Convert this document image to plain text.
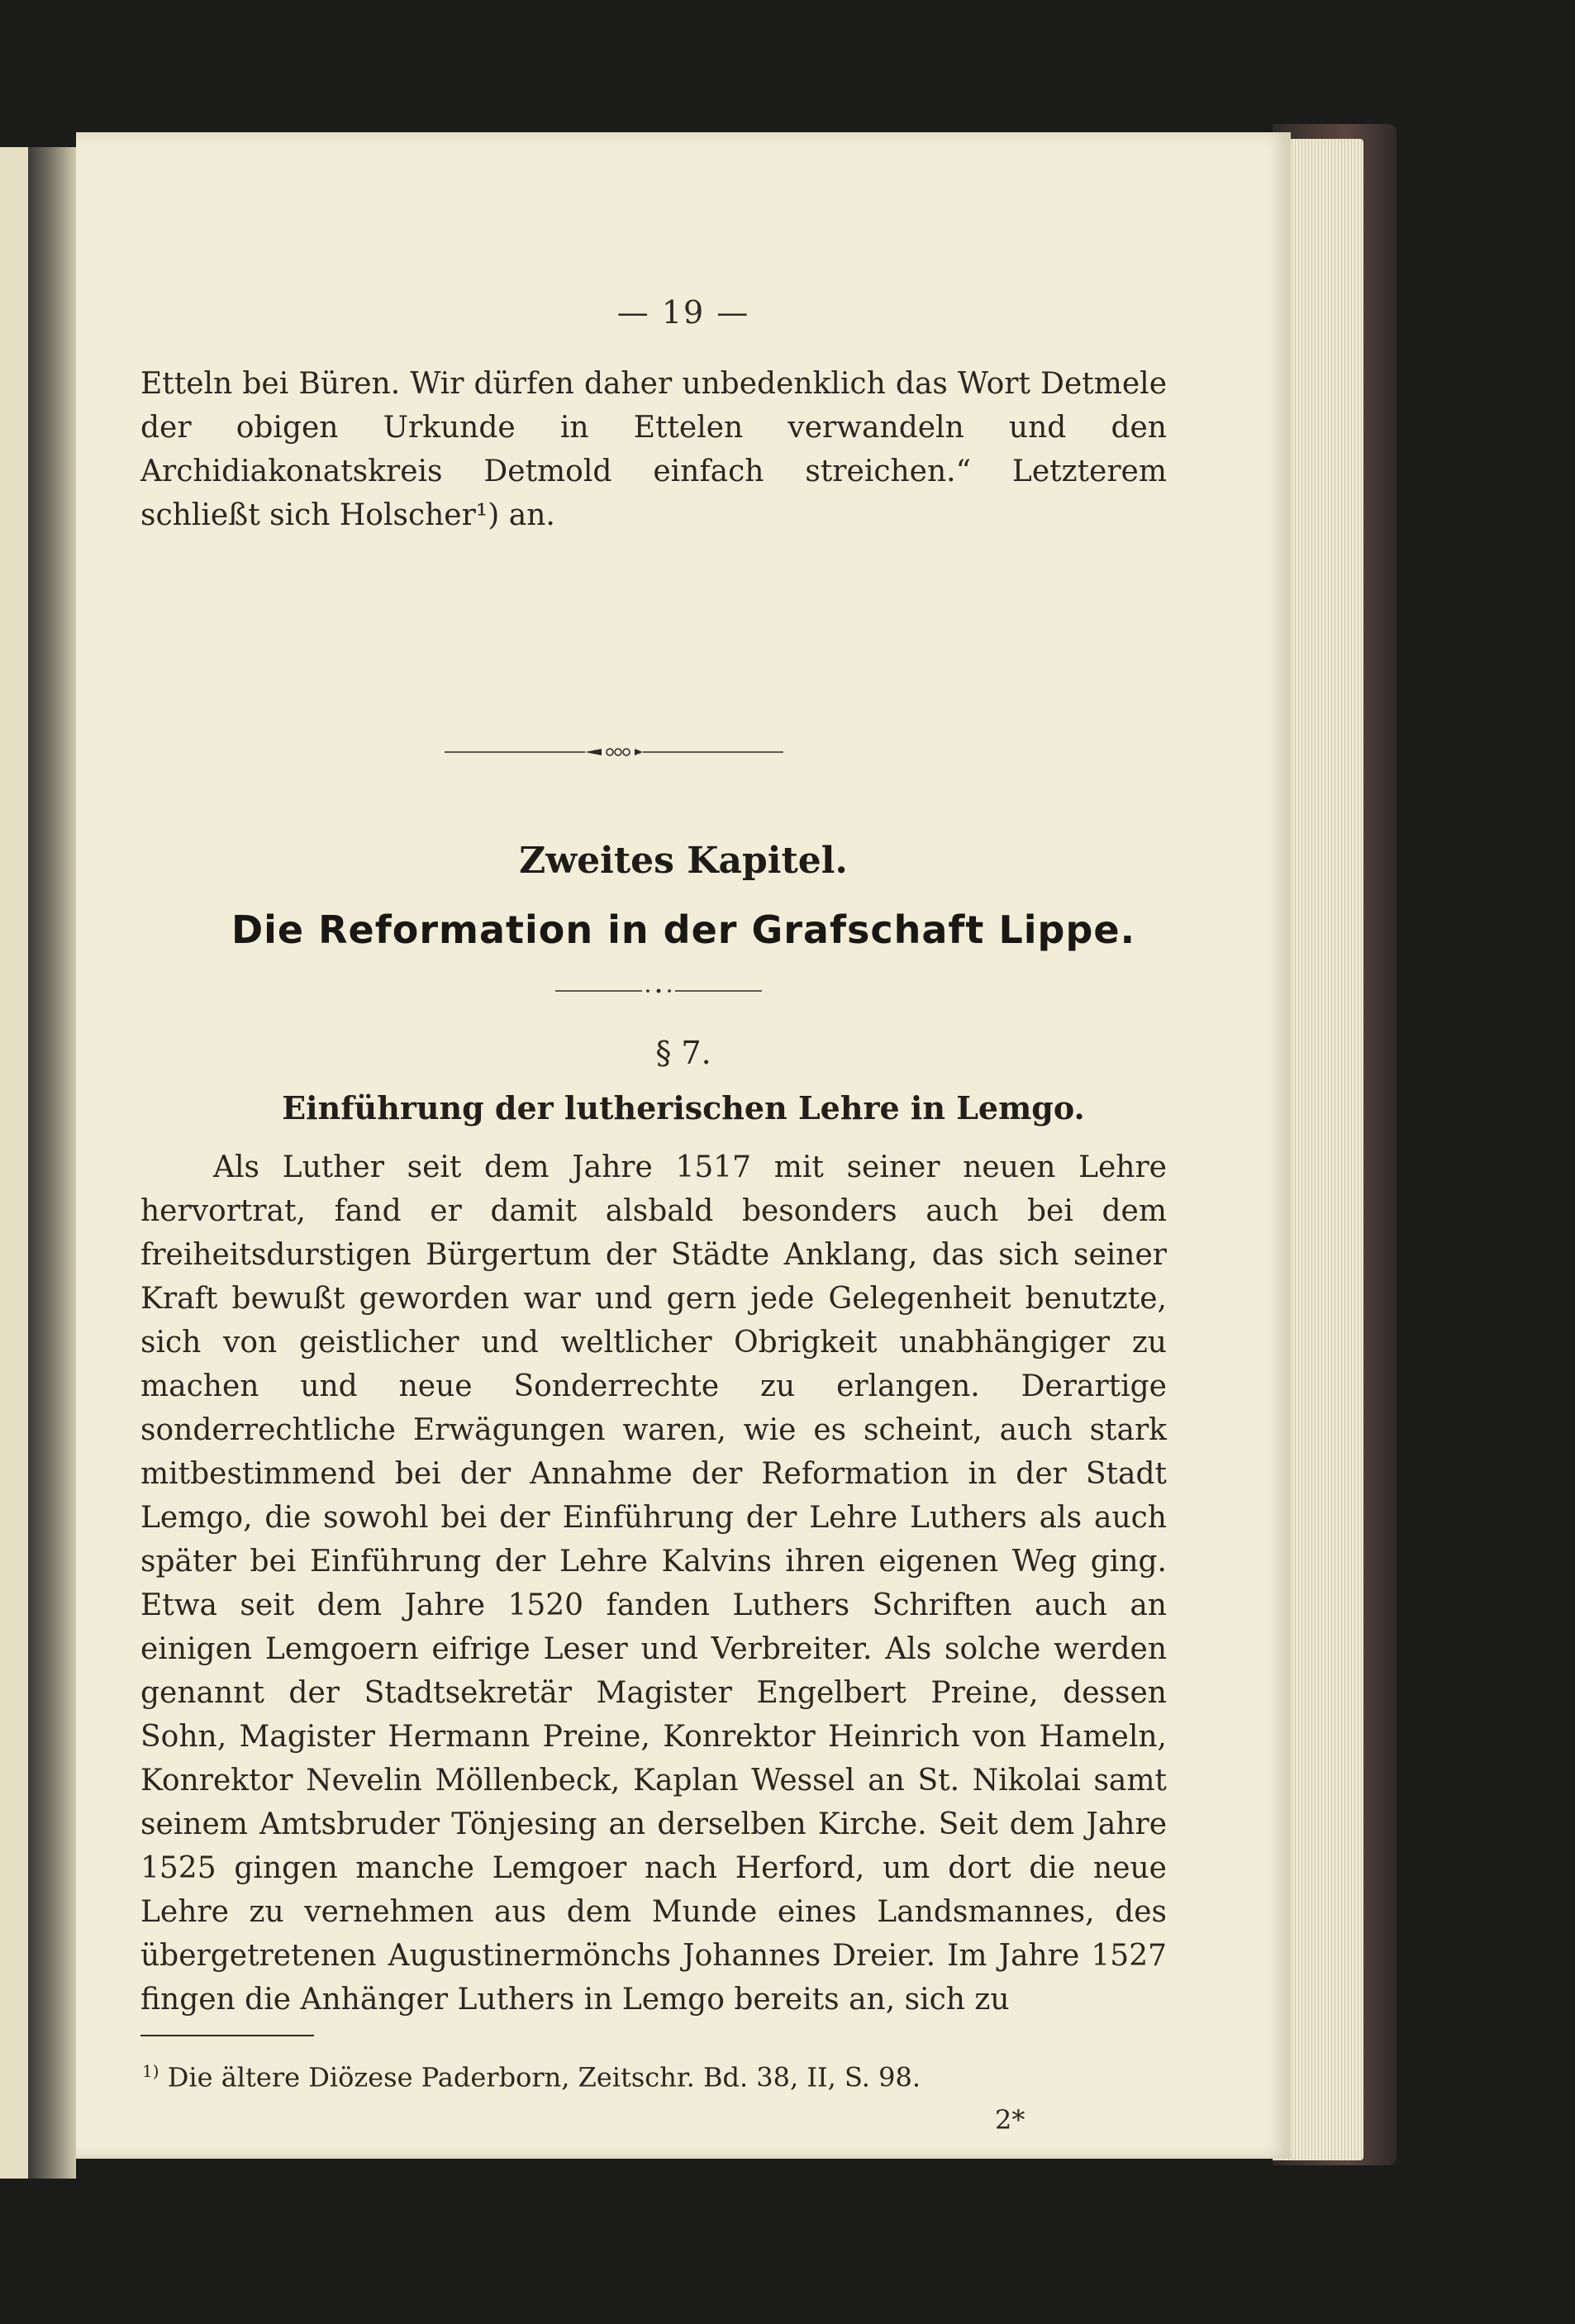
— 19 —

Etteln bei Büren. Wir dürfen daher unbedenklich das Wort Detmele der obigen Urkunde in Ettelen verwandeln und den Archidiakonatskreis Detmold einfach streichen.“ Letzterem schließt sich Holscher¹) an.

Zweites Kapitel.
Die Reformation in der Grafschaft Lippe.
§ 7.
Einführung der lutherischen Lehre in Lemgo.

Als Luther seit dem Jahre 1517 mit seiner neuen Lehre hervortrat, fand er damit alsbald besonders auch bei dem freiheitsdurstigen Bürgertum der Städte Anklang, das sich seiner Kraft bewußt geworden war und gern jede Gelegenheit benutzte, sich von geistlicher und weltlicher Obrigkeit unabhängiger zu machen und neue Sonderrechte zu erlangen. Derartige sonderrechtliche Erwägungen waren, wie es scheint, auch stark mitbestimmend bei der Annahme der Reformation in der Stadt Lemgo, die sowohl bei der Einführung der Lehre Luthers als auch später bei Einführung der Lehre Kalvins ihren eigenen Weg ging. Etwa seit dem Jahre 1520 fanden Luthers Schriften auch an einigen Lemgoern eifrige Leser und Verbreiter. Als solche werden genannt der Stadtsekretär Magister Engelbert Preine, dessen Sohn, Magister Hermann Preine, Konrektor Heinrich von Hameln, Konrektor Nevelin Möllenbeck, Kaplan Wessel an St. Nikolai samt seinem Amtsbruder Tönjesing an derselben Kirche. Seit dem Jahre 1525 gingen manche Lemgoer nach Herford, um dort die neue Lehre zu vernehmen aus dem Munde eines Landsmannes, des übergetretenen Augustinermönchs Johannes Dreier. Im Jahre 1527 fingen die Anhänger Luthers in Lemgo bereits an, sich zu

$^{1)}$ Die ältere Diözese Paderborn, Zeitschr. Bd. 38, II, S. 98.
2*
